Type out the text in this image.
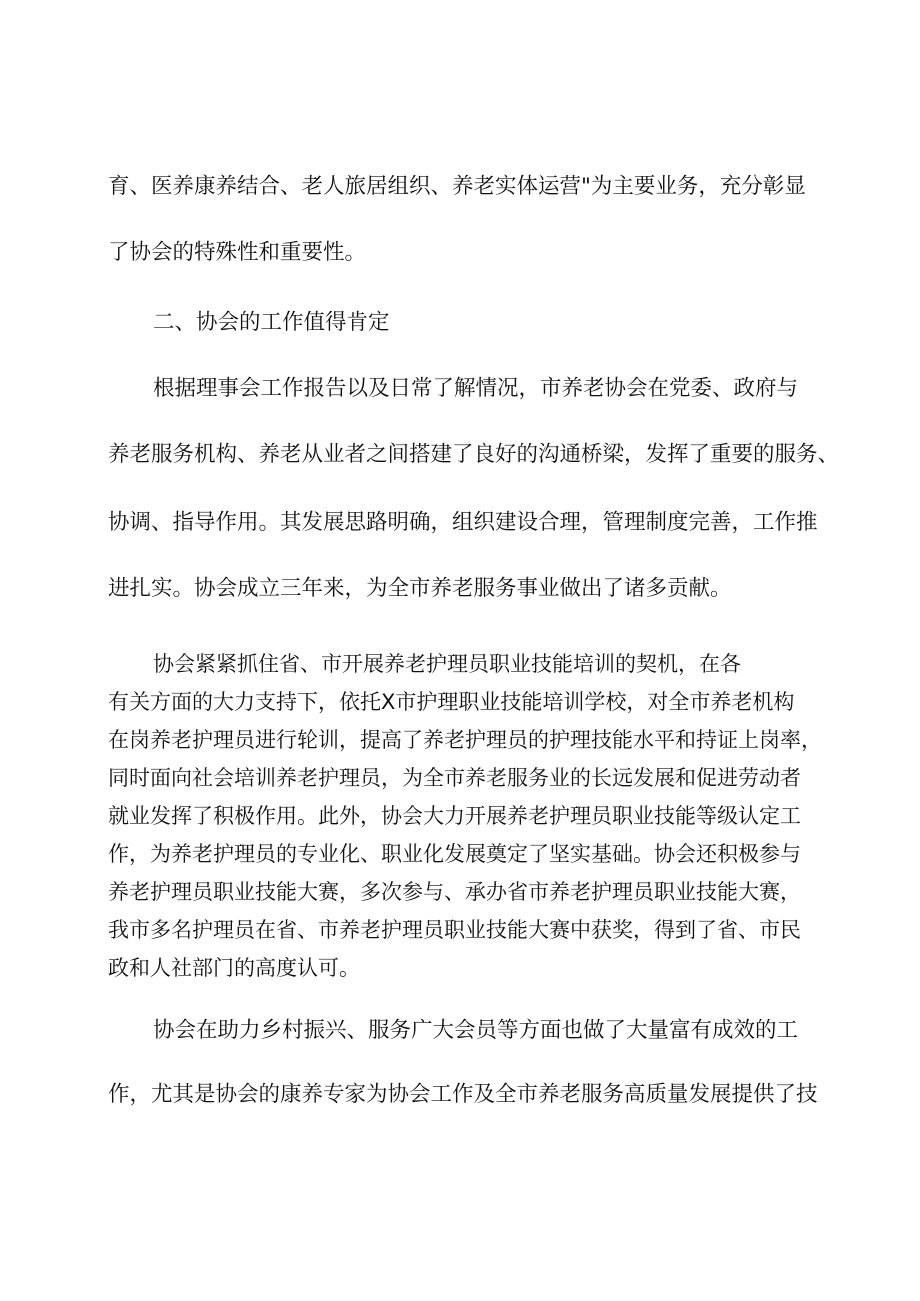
育、医养康养结合、老人旅居组织、养老实体运营"为主要业务，充分彰显
了协会的特殊性和重要性。
二、协会的工作值得肯定
根据理事会工作报告以及日常了解情况，市养老协会在党委、政府与
养老服务机构、养老从业者之间搭建了良好的沟通桥梁，发挥了重要的服务、
协调、指导作用。其发展思路明确，组织建设合理，管理制度完善，工作推
进扎实。协会成立三年来，为全市养老服务事业做出了诸多贡献。
协会紧紧抓住省、市开展养老护理员职业技能培训的契机，在各
有关方面的大力支持下，依托X市护理职业技能培训学校，对全市养老机构
在岗养老护理员进行轮训，提高了养老护理员的护理技能水平和持证上岗率，
同时面向社会培训养老护理员，为全市养老服务业的长远发展和促进劳动者
就业发挥了积极作用。此外，协会大力开展养老护理员职业技能等级认定工
作，为养老护理员的专业化、职业化发展奠定了坚实基础。协会还积极参与
养老护理员职业技能大赛，多次参与、承办省市养老护理员职业技能大赛，
我市多名护理员在省、市养老护理员职业技能大赛中获奖，得到了省、市民
政和人社部门的高度认可。
协会在助力乡村振兴、服务广大会员等方面也做了大量富有成效的工
作，尤其是协会的康养专家为协会工作及全市养老服务高质量发展提供了技
